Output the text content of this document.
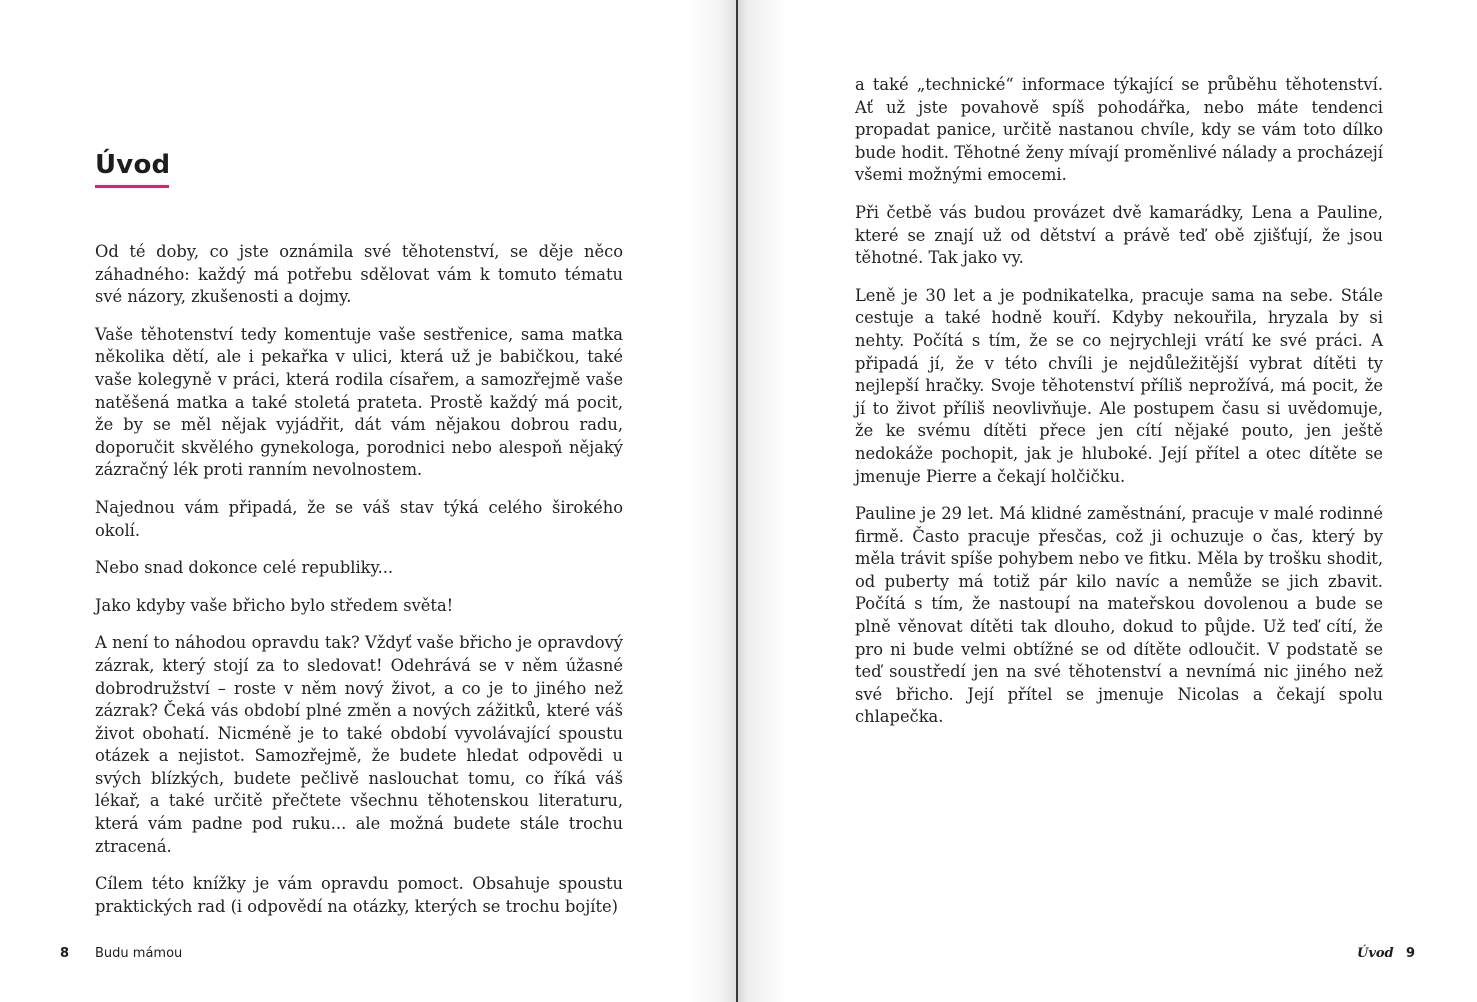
Úvod

Od té doby, co jste oznámila své těhotenství, se děje něco záhadného: každý má potřebu sdělovat vám k tomuto tématu své názory, zkušenosti a dojmy.

Vaše těhotenství tedy komentuje vaše sestřenice, sama matka několika dětí, ale i pekařka v ulici, která už je babičkou, také vaše kolegyně v práci, která rodila císařem, a samozřejmě vaše natěšená matka a také stoletá prateta. Prostě každý má pocit, že by se měl nějak vyjádřit, dát vám nějakou dobrou radu, doporučit skvělého gynekologa, porodnici nebo alespoň nějaký zázračný lék proti ranním nevolnostem.

Najednou vám připadá, že se váš stav týká celého širokého okolí.

Nebo snad dokonce celé republiky...

Jako kdyby vaše břicho bylo středem světa!

A není to náhodou opravdu tak? Vždyť vaše břicho je opravdový zázrak, který stojí za to sledovat! Odehrává se v něm úžasné dobrodružství – roste v něm nový život, a co je to jiného než zázrak? Čeká vás období plné změn a nových zážitků, které váš život obohatí. Nicméně je to také období vyvolávající spoustu otázek a nejistot. Samozřejmě, že budete hledat odpovědi u svých blízkých, budete pečlivě naslouchat tomu, co říká váš lékař, a také určitě přečtete všechnu těhotenskou literaturu, která vám padne pod ruku... ale možná budete stále trochu ztracená.

Cílem této knížky je vám opravdu pomoct. Obsahuje spoustu praktických rad (i odpovědí na otázky, kterých se trochu bojíte)

8 Budu mámou

a také „technické“ informace týkající se průběhu těhotenství. Ať už jste povahově spíš pohodářka, nebo máte tendenci propadat panice, určitě nastanou chvíle, kdy se vám toto dílko bude hodit. Těhotné ženy mívají proměnlivé nálady a procházejí všemi možnými emocemi.

Při četbě vás budou provázet dvě kamarádky, Lena a Pauline, které se znají už od dětství a právě teď obě zjišťují, že jsou těhotné. Tak jako vy.

Leně je 30 let a je podnikatelka, pracuje sama na sebe. Stále cestuje a také hodně kouří. Kdyby nekouřila, hryzala by si nehty. Počítá s tím, že se co nejrychleji vrátí ke své práci. A připadá jí, že v této chvíli je nejdůležitější vybrat dítěti ty nejlepší hračky. Svoje těhotenství příliš neprožívá, má pocit, že jí to život příliš neovlivňuje. Ale postupem času si uvědomuje, že ke svému dítěti přece jen cítí nějaké pouto, jen ještě nedokáže pochopit, jak je hluboké. Její přítel a otec dítěte se jmenuje Pierre a čekají holčičku.

Pauline je 29 let. Má klidné zaměstnání, pracuje v malé rodinné firmě. Často pracuje přesčas, což ji ochuzuje o čas, který by měla trávit spíše pohybem nebo ve fitku. Měla by trošku shodit, od puberty má totiž pár kilo navíc a nemůže se jich zbavit. Počítá s tím, že nastoupí na mateřskou dovolenou a bude se plně věnovat dítěti tak dlouho, dokud to půjde. Už teď cítí, že pro ni bude velmi obtížné se od dítěte odloučit. V podstatě se teď soustředí jen na své těhotenství a nevnímá nic jiného než své břicho. Její přítel se jmenuje Nicolas a čekají spolu chlapečka.

Úvod 9
